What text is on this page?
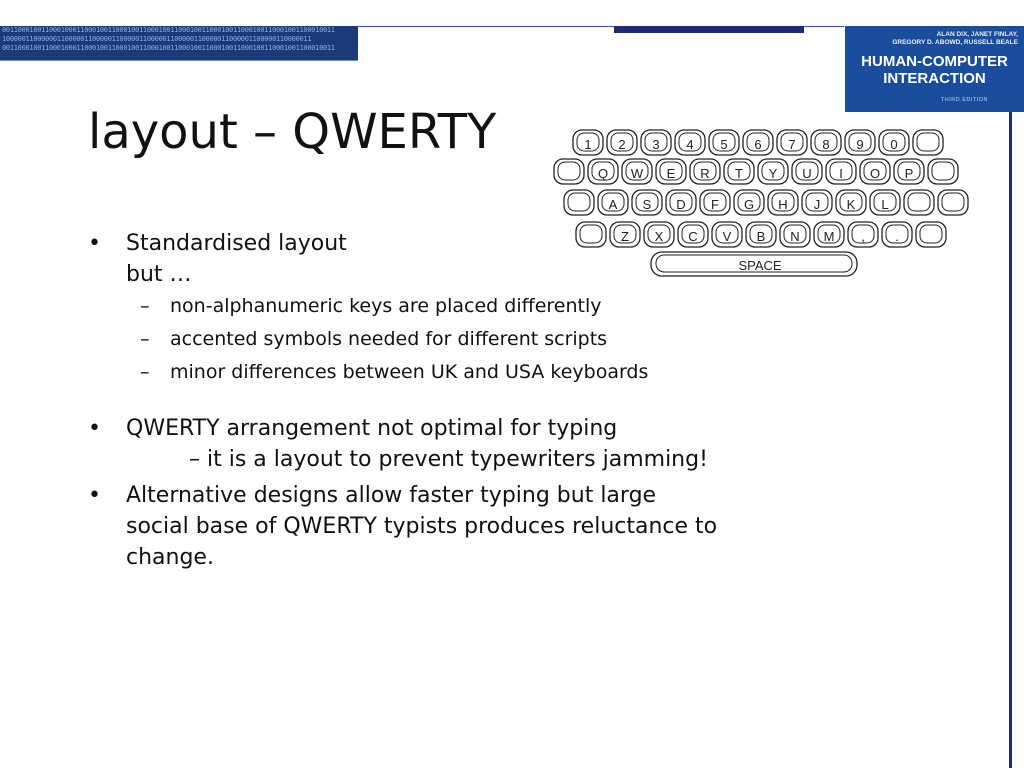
0011000100110001000110001001100010011000100110001001100010011000100110001001100010011
1000001100000011000001100000110000011000001100000110000011000001100000110000011
0011000100110001000110001001100010011000100110001001100010011000100110001001100010011
ALAN DIX, JANET FINLAY,
GREGORY D. ABOWD, RUSSELL BEALE
HUMAN-COMPUTER
INTERACTION
THIRD EDITION
layout – QWERTY	1 2 3 4 5 6 7 8 9 0
Q W E R T Y U I O P
A S D F G H J K L
Z X C V B N M , .
SPACE

• Standardised layout

but …

– non-alphanumeric keys are placed differently

– accented symbols needed for different scripts

– minor differences between UK and USA keyboards

• QWERTY arrangement not optimal for typing

– it is a layout to prevent typewriters jamming!

• Alternative designs allow faster typing but large

social base of QWERTY typists produces reluctance to

change.
